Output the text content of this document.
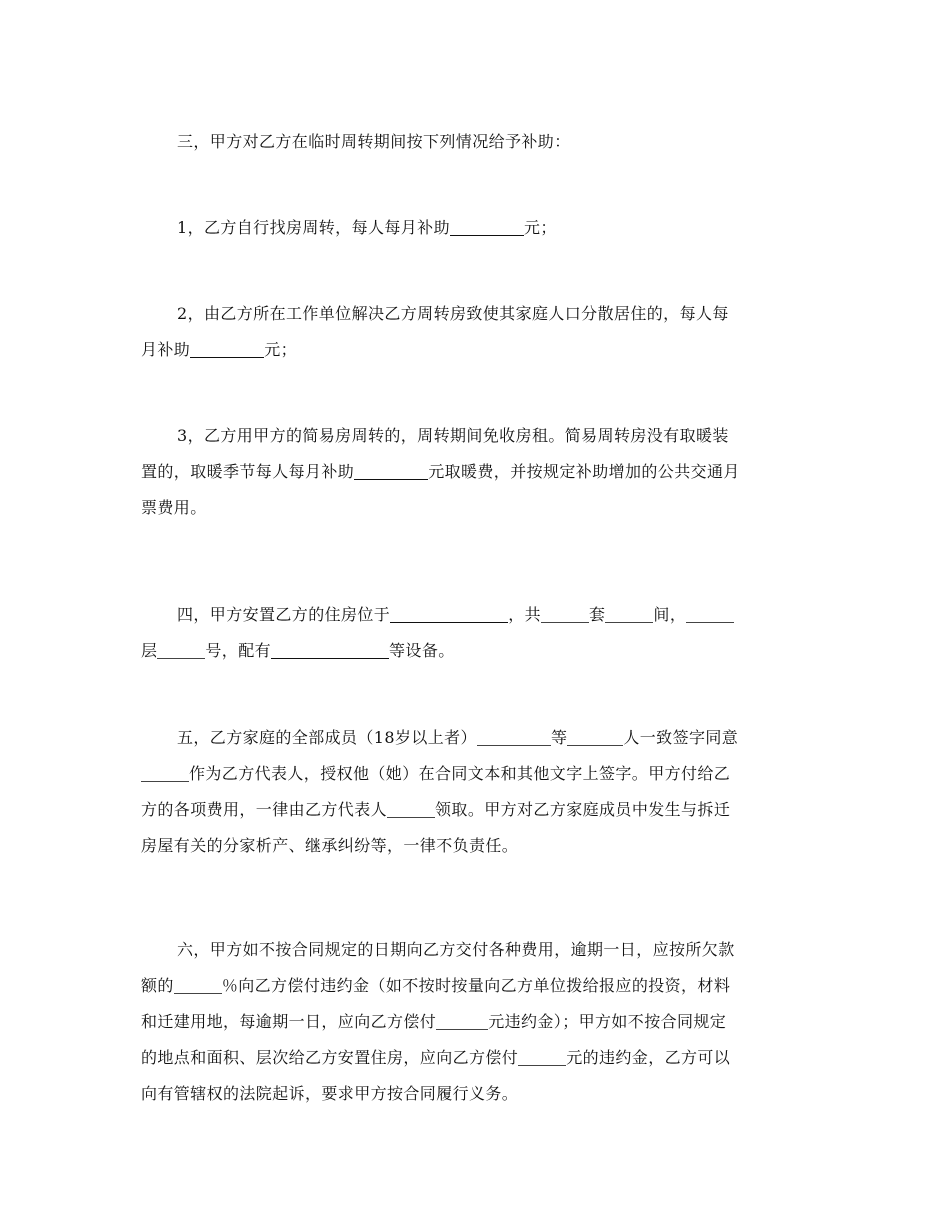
三，甲方对乙方在临时周转期间按下列情况给予补助：
1，乙方自行找房周转，每人每月补助	元；
2，由乙方所在工作单位解决乙方周转房致使其家庭人口分散居住的，每人每
月补助	元；
3，乙方用甲方的简易房周转的，周转期间免收房租。简易周转房没有取暖装
置的，取暖季节每人每月补助	元取暖费，并按规定补助增加的公共交通月
票费用。
四，甲方安置乙方的住房位于	，共	套	间，
层	号，配有	等设备。
五，乙方家庭的全部成员（18岁以上者）	等	人一致签字同意
作为乙方代表人，授权他（她）在合同文本和其他文字上签字。甲方付给乙
方的各项费用，一律由乙方代表人	领取。甲方对乙方家庭成员中发生与拆迁
房屋有关的分家析产、继承纠纷等，一律不负责任。
六，甲方如不按合同规定的日期向乙方交付各种费用，逾期一日，应按所欠款
额的	％向乙方偿付违约金（如不按时按量向乙方单位拨给报应的投资，材料
和迁建用地，每逾期一日，应向乙方偿付	元违约金）；甲方如不按合同规定
的地点和面积、层次给乙方安置住房，应向乙方偿付	元的违约金，乙方可以
向有管辖权的法院起诉，要求甲方按合同履行义务。
